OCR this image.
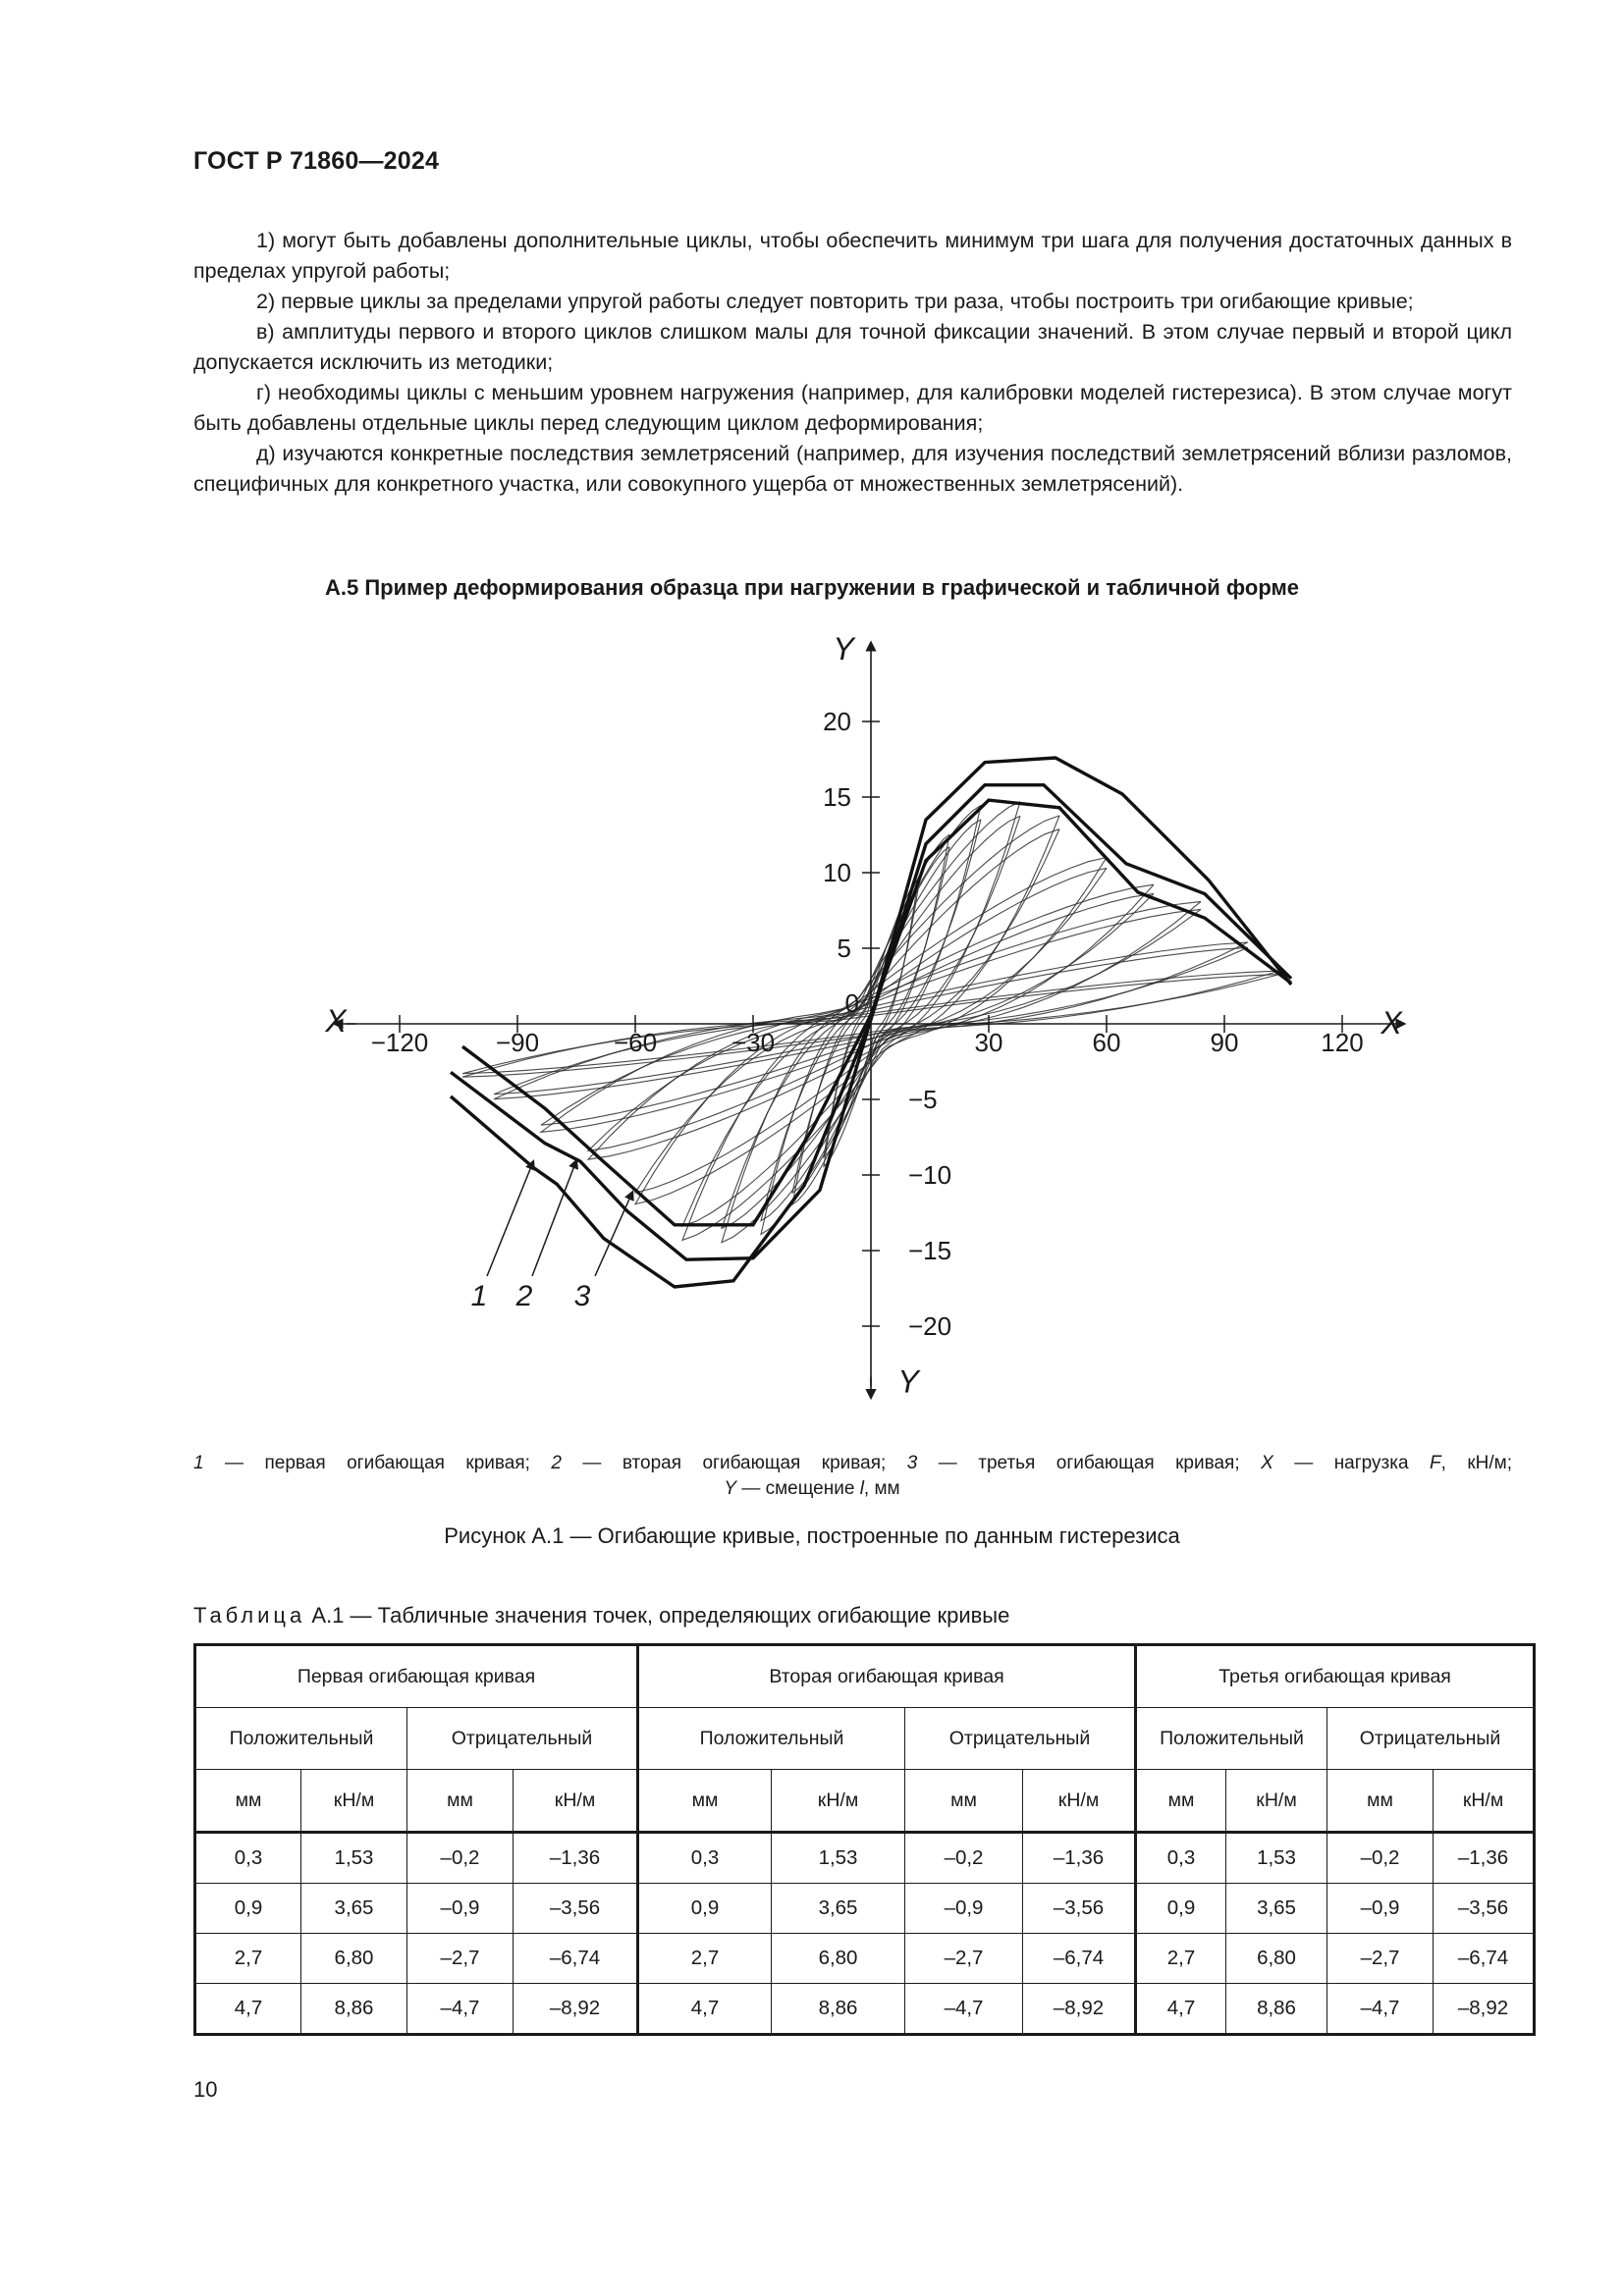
ГОСТ Р 71860—2024

1) могут быть добавлены дополнительные циклы, чтобы обеспечить минимум три шага для получения достаточных данных в пределах упругой работы;

2) первые циклы за пределами упругой работы следует повторить три раза, чтобы построить три огибающие кривые;

в) амплитуды первого и второго циклов слишком малы для точной фиксации значений. В этом случае первый и второй цикл допускается исключить из методики;

г) необходимы циклы с меньшим уровнем нагружения (например, для калибровки моделей гистерезиса). В этом случае могут быть добавлены отдельные циклы перед следующим циклом деформирования;

д) изучаются конкретные последствия землетрясений (например, для изучения последствий землетрясений вблизи разломов, специфичных для конкретного участка, или совокупного ущерба от множественных землетрясений).

А.5 Пример деформирования образца при нагружении в графической и табличной форме
−120	−90	−60	−30	30	60	90	120
20
15
10
5
−5
−10
−15
−20
0
X	X
Y
Y
1 2 3
1 — первая огибающая кривая; 2 — вторая огибающая кривая; 3 — третья огибающая кривая; X — нагрузка F, кН/м;
Y — смещение l, мм
Рисунок А.1 — Огибающие кривые, построенные по данным гистерезиса
Таблица А.1 — Табличные значения точек, определяющих огибающие кривые
Первая огибающая кривая				Вторая огибающая кривая				Третья огибающая кривая			
Положительный		Отрицательный		Положительный		Отрицательный		Положительный		Отрицательный	
мм	кН/м	мм	кН/м	мм	кН/м	мм	кН/м	мм	кН/м	мм	кН/м
0,3	1,53	–0,2	–1,36	0,3	1,53	–0,2	–1,36	0,3	1,53	–0,2	–1,36
0,9	3,65	–0,9	–3,56	0,9	3,65	–0,9	–3,56	0,9	3,65	–0,9	–3,56
2,7	6,80	–2,7	–6,74	2,7	6,80	–2,7	–6,74	2,7	6,80	–2,7	–6,74
4,7	8,86	–4,7	–8,92	4,7	8,86	–4,7	–8,92	4,7	8,86	–4,7	–8,92
10
